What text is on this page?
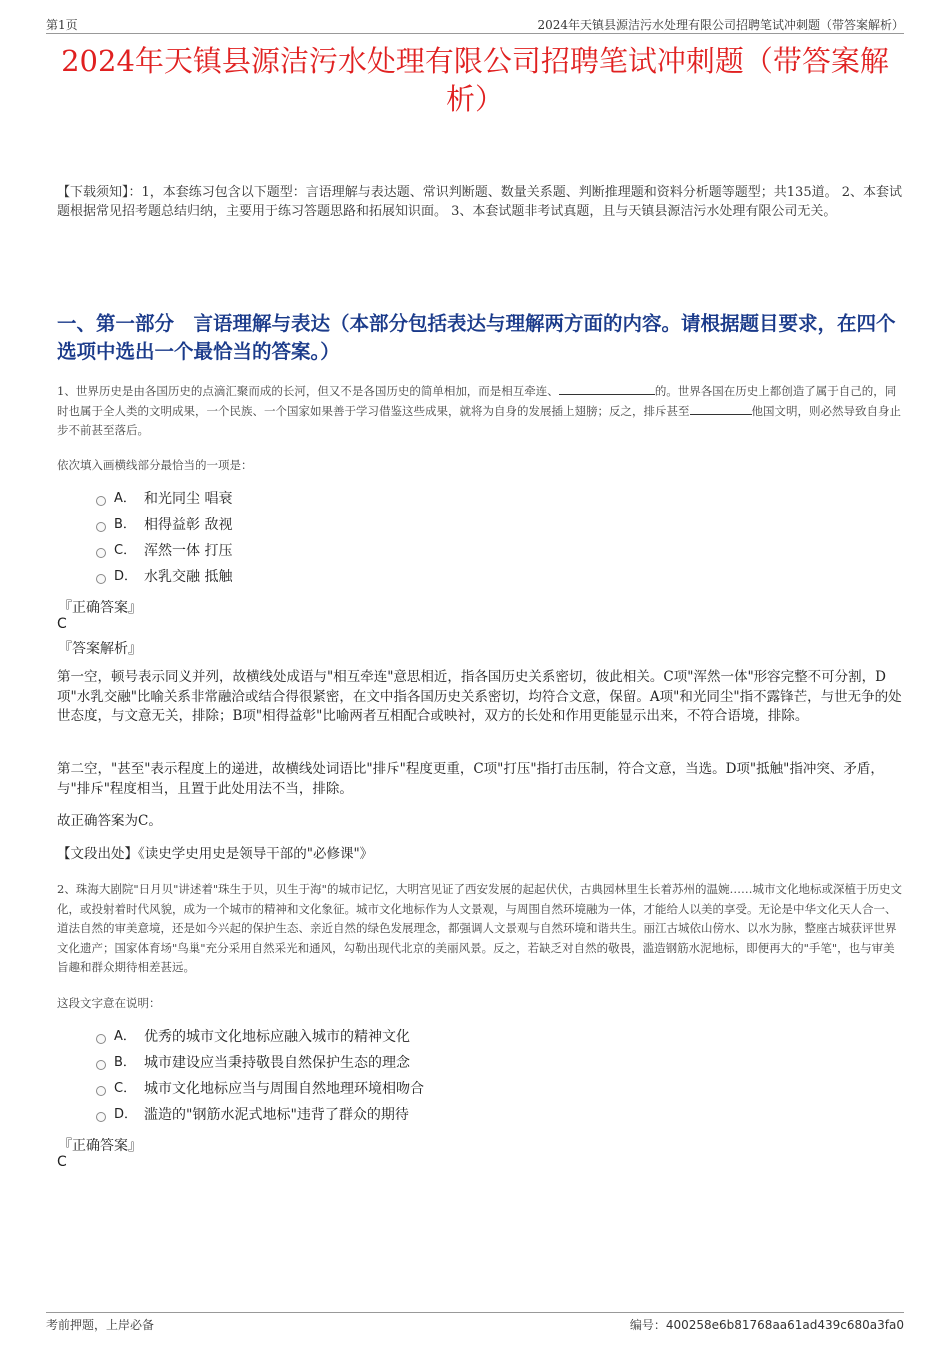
第1页	2024年天镇县源洁污水处理有限公司招聘笔试冲刺题（带答案解析）
2024年天镇县源洁污水处理有限公司招聘笔试冲刺题（带答案解析）

【下载须知】：1，本套练习包含以下题型：言语理解与表达题、常识判断题、数量关系题、判断推理题和资料分析题等题型；共135道。 2、本套试题根据常见招考题总结归纳，主要用于练习答题思路和拓展知识面。 3、本套试题非考试真题，且与天镇县源洁污水处理有限公司无关。

一、第一部分　言语理解与表达（本部分包括表达与理解两方面的内容。请根据题目要求，在四个选项中选出一个最恰当的答案。）

1、世界历史是由各国历史的点滴汇聚而成的长河，但又不是各国历史的简单相加，而是相互牵连、	的。世界各国在历史上都创造了属于自己的，同时也属于全人类的文明成果，一个民族、一个国家如果善于学习借鉴这些成果，就将为自身的发展插上翅膀；反之，排斥甚至	他国文明，则必然导致自身止步不前甚至落后。

依次填入画横线部分最恰当的一项是：

A． 和光同尘 唱衰
B． 相得益彰 敌视
C． 浑然一体 打压
D． 水乳交融 抵触
『正确答案』
C
『答案解析』

第一空，顿号表示同义并列，故横线处成语与"相互牵连"意思相近，指各国历史关系密切，彼此相关。C项"浑然一体"形容完整不可分割，D项"水乳交融"比喻关系非常融洽或结合得很紧密，在文中指各国历史关系密切，均符合文意，保留。A项"和光同尘"指不露锋芒，与世无争的处世态度，与文意无关，排除；B项"相得益彰"比喻两者互相配合或映衬，双方的长处和作用更能显示出来，不符合语境，排除。

第二空，"甚至"表示程度上的递进，故横线处词语比"排斥"程度更重，C项"打压"指打击压制，符合文意，当选。D项"抵触"指冲突、矛盾，与"排斥"程度相当，且置于此处用法不当，排除。

故正确答案为C。

【文段出处】《读史学史用史是领导干部的"必修课"》

2、珠海大剧院"日月贝"讲述着"珠生于贝，贝生于海"的城市记忆，大明宫见证了西安发展的起起伏伏，古典园林里生长着苏州的温婉……城市文化地标或深植于历史文化，或投射着时代风貌，成为一个城市的精神和文化象征。城市文化地标作为人文景观，与周围自然环境融为一体，才能给人以美的享受。无论是中华文化天人合一、道法自然的审美意境，还是如今兴起的保护生态、亲近自然的绿色发展理念，都强调人文景观与自然环境和谐共生。丽江古城依山傍水、以水为脉，整座古城获评世界文化遗产；国家体育场"鸟巢"充分采用自然采光和通风，勾勒出现代北京的美丽风景。反之，若缺乏对自然的敬畏，滥造钢筋水泥地标，即便再大的"手笔"，也与审美旨趣和群众期待相差甚远。

这段文字意在说明：

A． 优秀的城市文化地标应融入城市的精神文化
B． 城市建设应当秉持敬畏自然保护生态的理念
C． 城市文化地标应当与周围自然地理环境相吻合
D． 滥造的"钢筋水泥式地标"违背了群众的期待
『正确答案』
C
考前押题，上岸必备	编号：400258e6b81768aa61ad439c680a3fa0
